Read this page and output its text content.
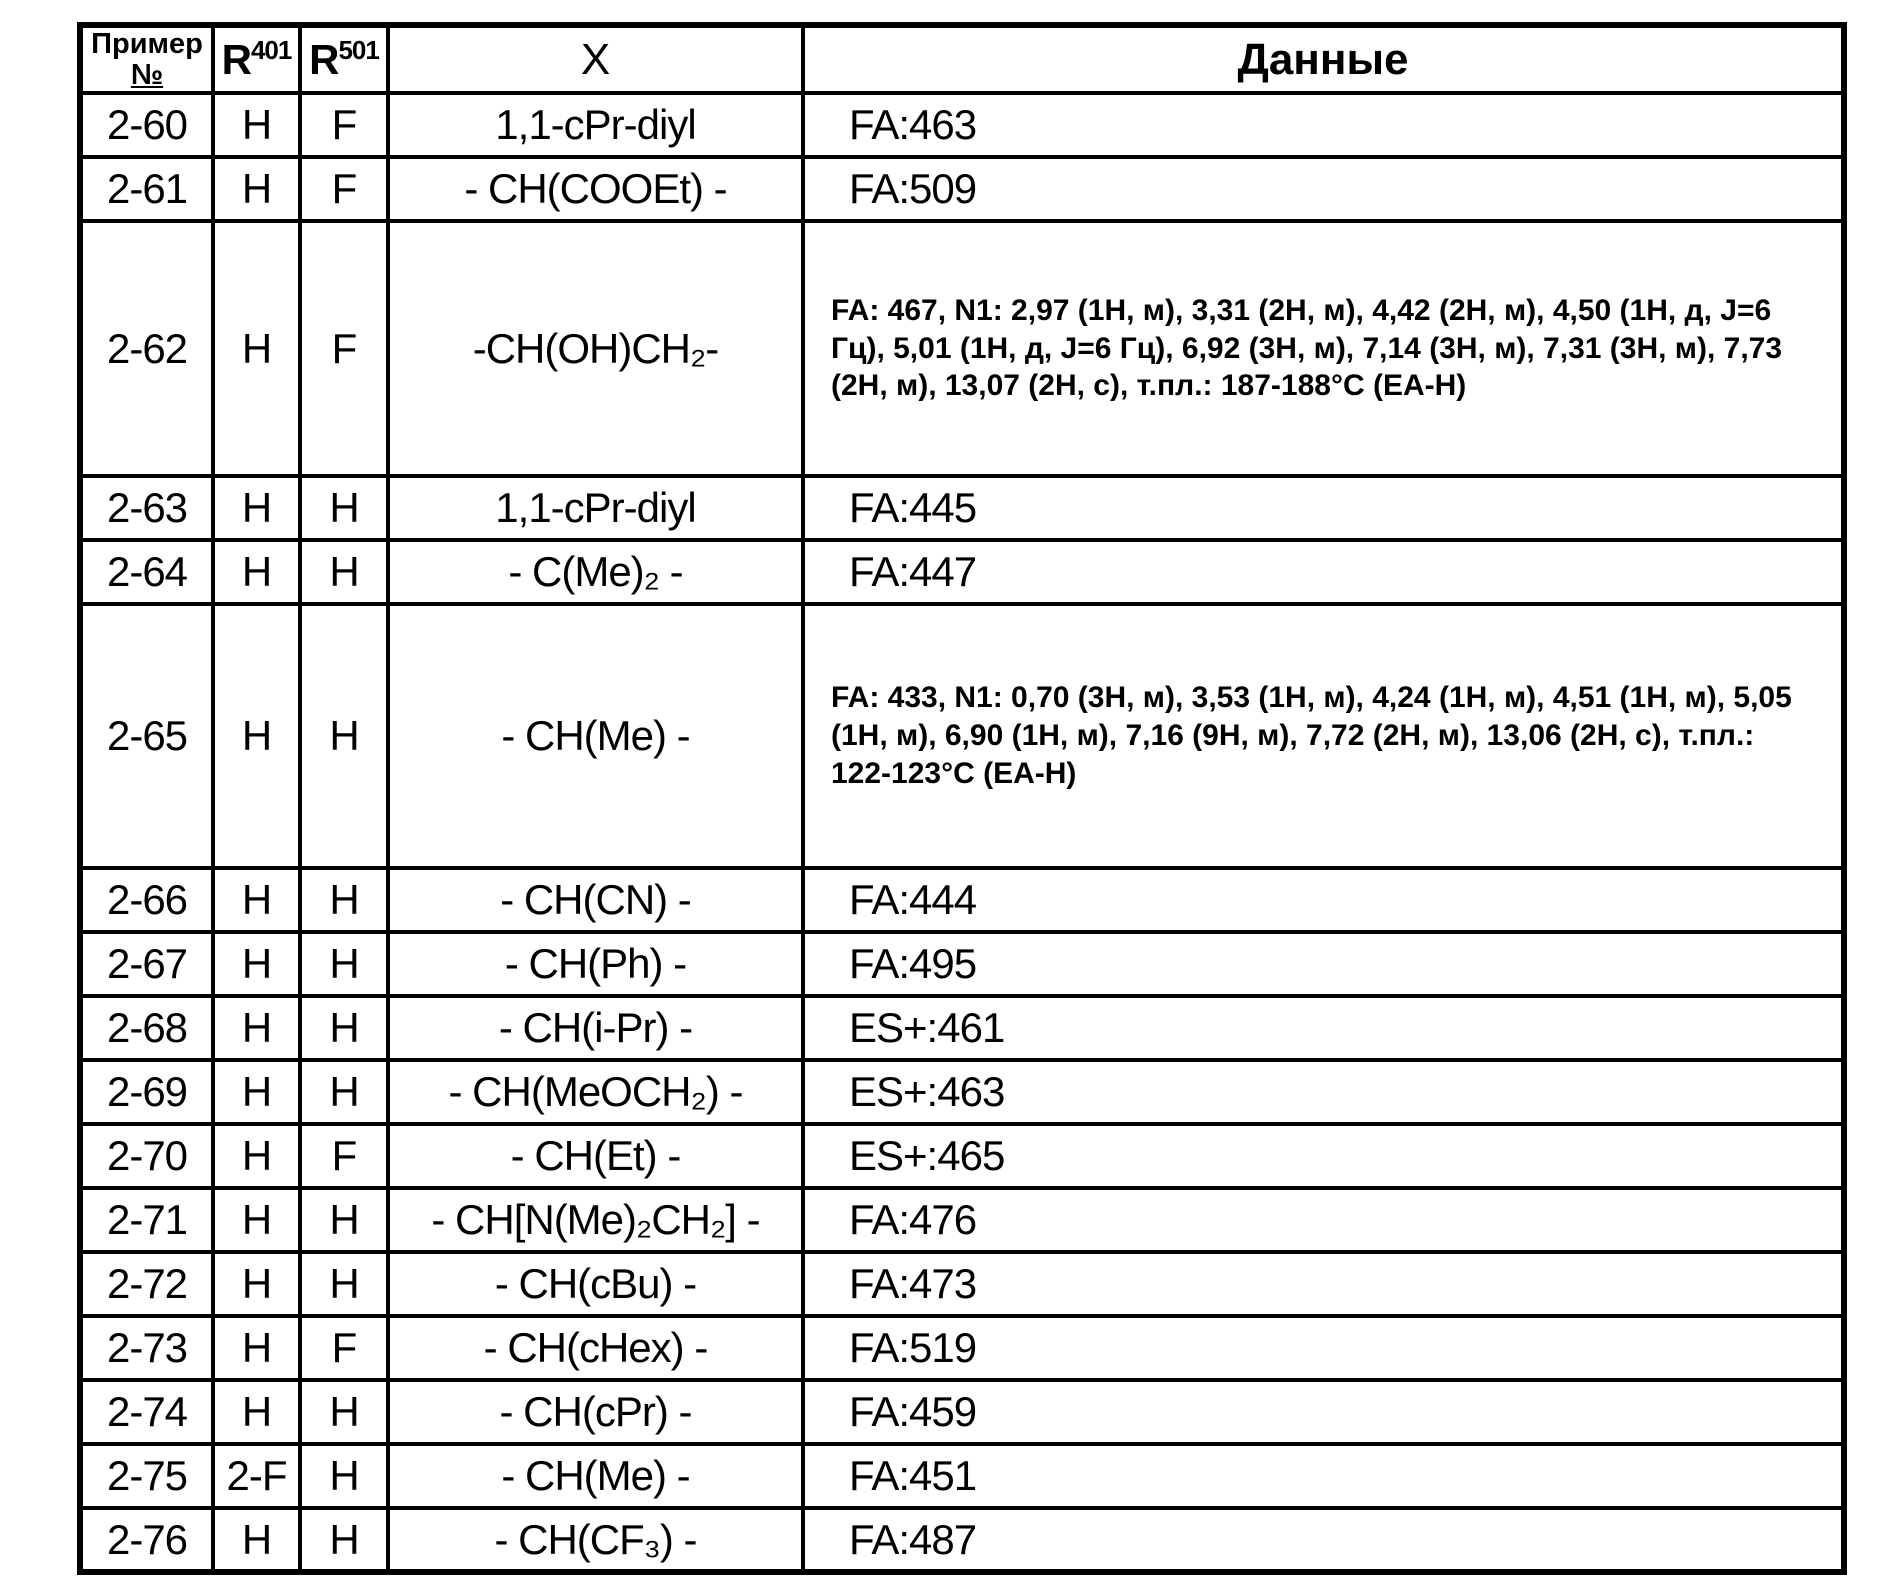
Пример
№	$R^{401}$	$R^{501}$	X	Данные
2-60	H	F	1,1-cPr-diyl	FA:463
2-61	H	F	- CH(COOEt) -	FA:509
2-62	H	F	-CH(OH)CH₂-	FA: 467, N1: 2,97 (1H, м), 3,31 (2H, м), 4,42 (2H, м), 4,50 (1H, д, J=6 Гц), 5,01 (1H, д, J=6 Гц), 6,92 (3H, м), 7,14 (3H, м), 7,31 (3H, м), 7,73 (2H, м), 13,07 (2H, с), т.пл.: 187-188°C (EA-H)
2-63	H	H	1,1-cPr-diyl	FA:445
2-64	H	H	- C(Me)₂ -	FA:447
2-65	H	H	- CH(Me) -	FA: 433, N1: 0,70 (3H, м), 3,53 (1H, м), 4,24 (1H, м), 4,51 (1H, м), 5,05 (1H, м), 6,90 (1H, м), 7,16 (9H, м), 7,72 (2H, м), 13,06 (2H, с), т.пл.: 122-123°C (EA-H)
2-66	H	H	- CH(CN) -	FA:444
2-67	H	H	- CH(Ph) -	FA:495
2-68	H	H	- CH(i-Pr) -	ES+:461
2-69	H	H	- CH(MeOCH₂) -	ES+:463
2-70	H	F	- CH(Et) -	ES+:465
2-71	H	H	- CH[N(Me)₂CH₂] -	FA:476
2-72	H	H	- CH(cBu) -	FA:473
2-73	H	F	- CH(cHex) -	FA:519
2-74	H	H	- CH(cPr) -	FA:459
2-75	2-F	H	- CH(Me) -	FA:451
2-76	H	H	- CH(CF₃) -	FA:487
